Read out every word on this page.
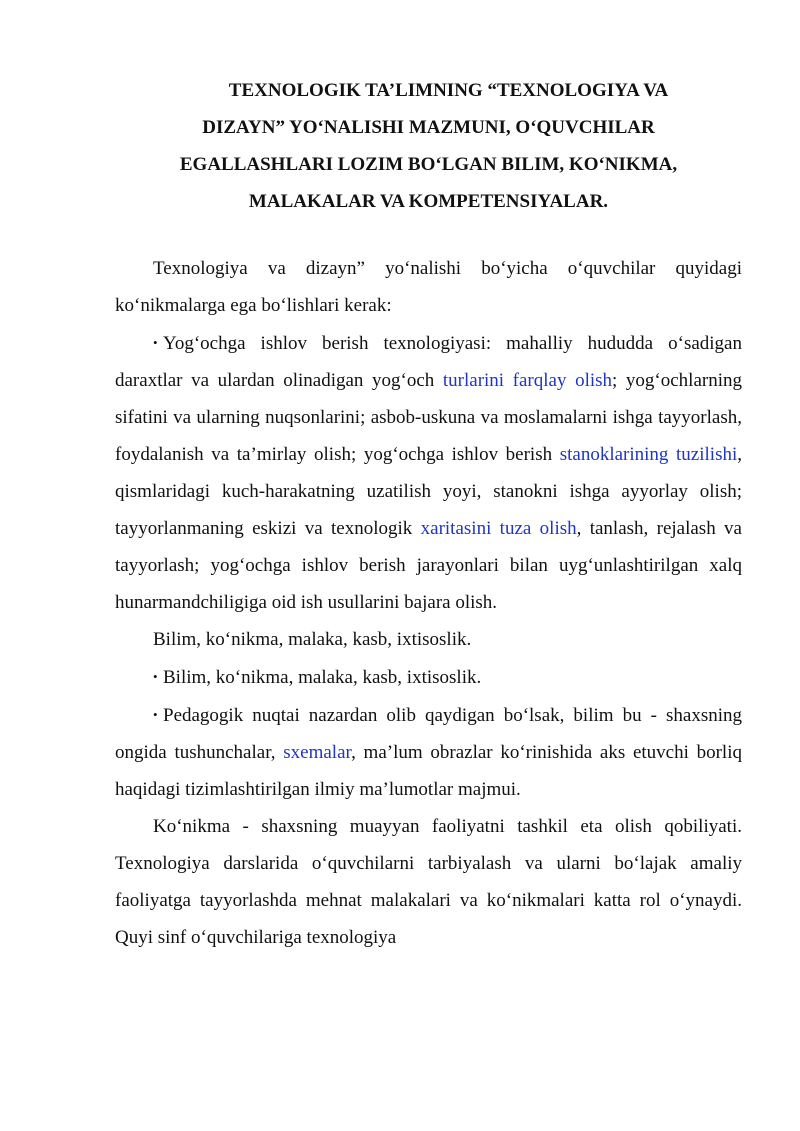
TEXNOLOGIK TA’LIMNING “TEXNOLOGIYA VA
DIZAYN” YO‘NALISHI MAZMUNI, O‘QUVCHILAR
EGALLASHLARI LOZIM BO‘LGAN BILIM, KO‘NIKMA,
MALAKALAR VA KOMPETENSIYALAR.

Texnologiya va dizayn” yo‘nalishi bo‘yicha o‘quvchilar quyidagi ko‘nikmalarga ega bo‘lishlari kerak:

• Yog‘ochga ishlov berish texnologiyasi: mahalliy hududda o‘sadigan daraxtlar va ulardan olinadigan yog‘och turlarini farqlay olish; yog‘ochlarning sifatini va ularning nuqsonlarini; asbob-uskuna va moslamalarni ishga tayyorlash, foydalanish va ta’mirlay olish; yog‘ochga ishlov berish stanoklarining tuzilishi, qismlaridagi kuch-harakatning uzatilish yoyi, stanokni ishga ayyorlay olish; tayyorlanmaning eskizi va texnologik xaritasini tuza olish, tanlash, rejalash va tayyorlash; yog‘ochga ishlov berish jarayonlari bilan uyg‘unlashtirilgan xalq hunarmandchiligiga oid ish usullarini bajara olish.

Bilim, ko‘nikma, malaka, kasb, ixtisoslik.

• Bilim, ko‘nikma, malaka, kasb, ixtisoslik.

• Pedagogik nuqtai nazardan olib qaydigan bo‘lsak, bilim bu - shaxsning ongida tushunchalar, sxemalar, ma’lum obrazlar ko‘rinishida aks etuvchi borliq haqidagi tizimlashtirilgan ilmiy ma’lumotlar majmui.

Ko‘nikma - shaxsning muayyan faoliyatni tashkil eta olish qobiliyati. Texnologiya darslarida o‘quvchilarni tarbiyalash va ularni bo‘lajak amaliy faoliyatga tayyorlashda mehnat malakalari va ko‘nikmalari katta rol o‘ynaydi. Quyi sinf o‘quvchilariga texnologiya
